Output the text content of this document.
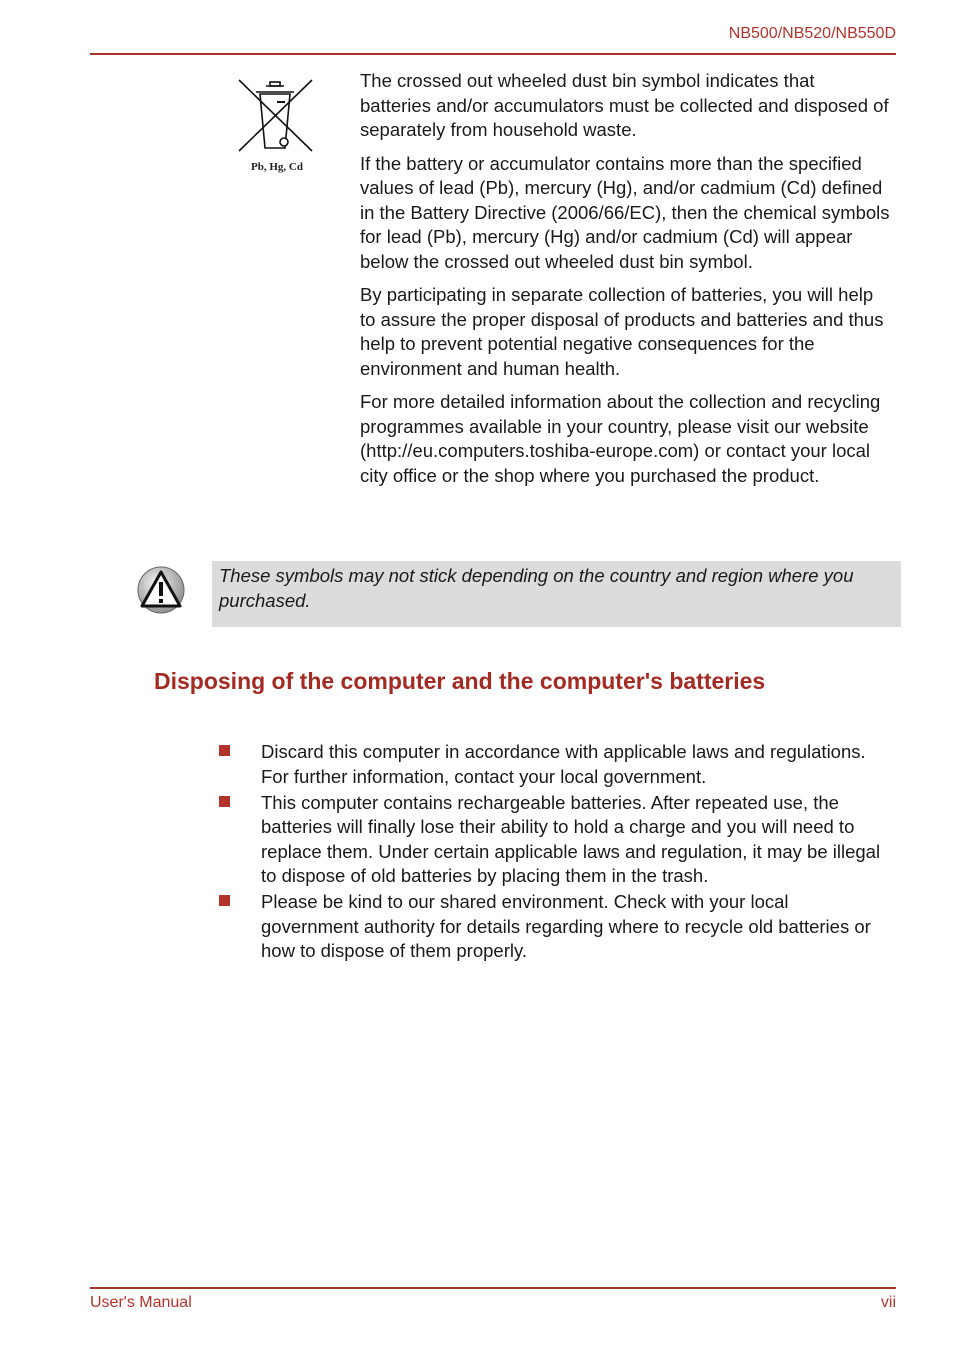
NB500/NB520/NB550D
Pb, Hg, Cd

The crossed out wheeled dust bin symbol indicates that batteries and/or accumulators must be collected and disposed of separately from household waste.

If the battery or accumulator contains more than the specified values of lead (Pb), mercury (Hg), and/or cadmium (Cd) defined in the Battery Directive (2006/66/EC), then the chemical symbols for lead (Pb), mercury (Hg) and/or cadmium (Cd) will appear below the crossed out wheeled dust bin symbol.

By participating in separate collection of batteries, you will help to assure the proper disposal of products and batteries and thus help to prevent potential negative consequences for the environment and human health.

For more detailed information about the collection and recycling programmes available in your country, please visit our website (http://eu.computers.toshiba-europe.com) or contact your local city office or the shop where you purchased the product.

These symbols may not stick depending on the country and region where you purchased.
Disposing of the computer and the computer's batteries
Discard this computer in accordance with applicable laws and regulations. For further information, contact your local government.
This computer contains rechargeable batteries. After repeated use, the batteries will finally lose their ability to hold a charge and you will need to replace them. Under certain applicable laws and regulation, it may be illegal to dispose of old batteries by placing them in the trash.
Please be kind to our shared environment. Check with your local government authority for details regarding where to recycle old batteries or how to dispose of them properly.
User's Manual	vii
